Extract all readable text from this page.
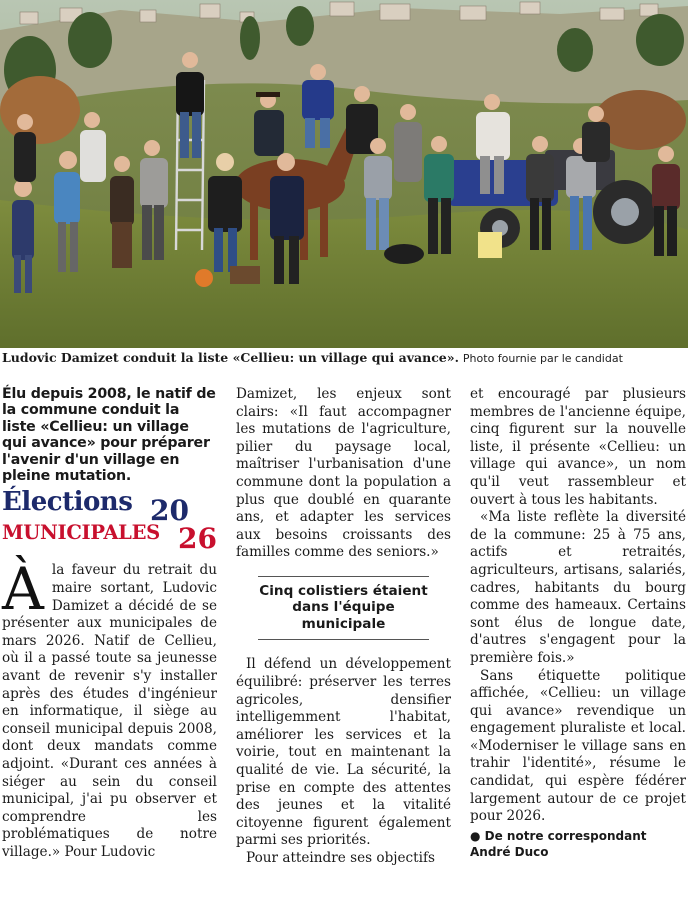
Ludovic Damizet conduit la liste «Cellieu: un village qui avance». Photo fournie par le candidat

Élu depuis 2008, le natif de la commune conduit la liste «Cellieu: un village qui avance» pour préparer l'avenir d'un village en pleine mutation.

Élections
MUNICIPALES
20
26

Àla faveur du retrait du maire sortant, Ludovic Damizet a décidé de se présenter aux municipales de mars 2026. Natif de Cellieu, où il a passé toute sa jeunesse avant de revenir s'y installer après des études d'ingénieur en informatique, il siège au conseil municipal depuis 2008, dont deux mandats comme adjoint. «Durant ces années à siéger au sein du conseil municipal, j'ai pu observer et comprendre les problématiques de notre village.» Pour Ludovic

Damizet, les enjeux sont clairs: «Il faut accompagner les mutations de l'agriculture, pilier du paysage local, maîtriser l'urbanisation d'une commune dont la population a plus que doublé en quarante ans, et adapter les services aux besoins croissants des familles comme des seniors.»

Cinq colistiers étaient dans l'équipe municipale

Il défend un développement équilibré: préserver les terres agricoles, densifier intelligemment l'habitat, améliorer les services et la voirie, tout en maintenant la qualité de vie. La sécurité, la prise en compte des attentes des jeunes et la vitalité citoyenne figurent également parmi ses priorités.

Pour atteindre ses objectifs

et encouragé par plusieurs membres de l'ancienne équipe, cinq figurent sur la nouvelle liste, il présente «Cellieu: un village qui avance», un nom qu'il veut rassembleur et ouvert à tous les habitants.

«Ma liste reflète la diversité de la commune: 25 à 75 ans, actifs et retraités, agriculteurs, artisans, salariés, cadres, habitants du bourg comme des hameaux. Certains sont élus de longue date, d'autres s'engagent pour la première fois.»

Sans étiquette politique affichée, «Cellieu: un village qui avance» revendique un engagement pluraliste et local. «Moderniser le village sans en trahir l'identité», résume le candidat, qui espère fédérer largement autour de ce projet pour 2026.

● De notre correspondant
André Duco
